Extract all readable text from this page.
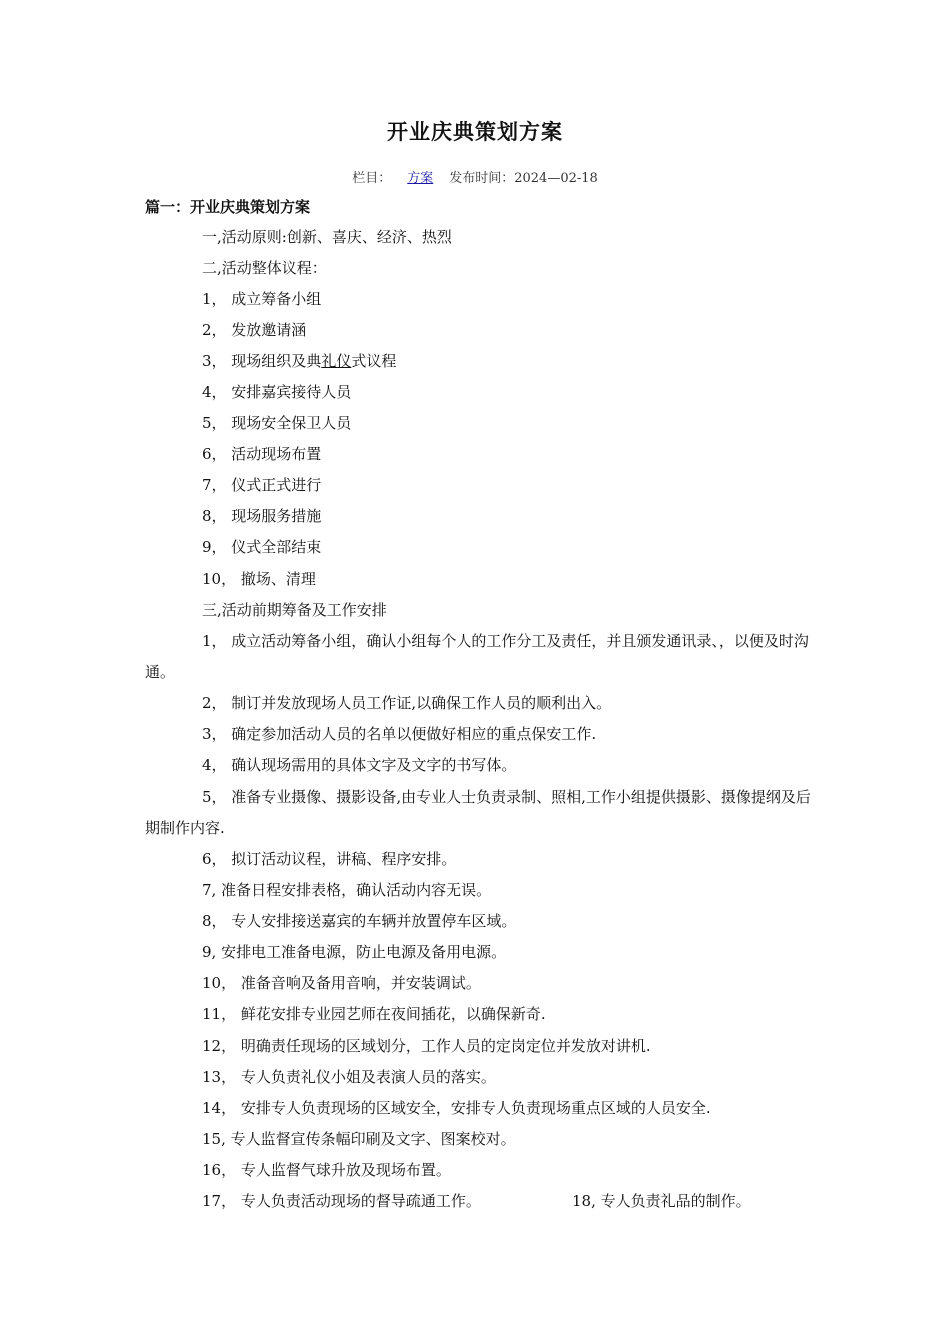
开业庆典策划方案
栏目： 方案 发布时间：2024—02-18
篇一：开业庆典策划方案
一,活动原则:创新、喜庆、经济、热烈
二,活动整体议程：
1， 成立筹备小组
2， 发放邀请涵
3， 现场组织及典礼仪式议程
4， 安排嘉宾接待人员
5， 现场安全保卫人员
6， 活动现场布置
7， 仪式正式进行
8， 现场服务措施
9， 仪式全部结束
10， 撤场、清理
三,活动前期筹备及工作安排
1， 成立活动筹备小组，确认小组每个人的工作分工及责任，并且颁发通讯录、，以便及时沟通。
2， 制订并发放现场人员工作证,以确保工作人员的顺利出入。
3， 确定参加活动人员的名单以便做好相应的重点保安工作.
4， 确认现场需用的具体文字及文字的书写体。
5， 准备专业摄像、摄影设备,由专业人士负责录制、照相,工作小组提供摄影、摄像提纲及后期制作内容.
6， 拟订活动议程，讲稿、程序安排。
7, 准备日程安排表格，确认活动内容无误。
8， 专人安排接送嘉宾的车辆并放置停车区域。
9, 安排电工准备电源，防止电源及备用电源。
10， 准备音响及备用音响，并安装调试。
11， 鲜花安排专业园艺师在夜间插花，以确保新奇.
12， 明确责任现场的区域划分，工作人员的定岗定位并发放对讲机.
13， 专人负责礼仪小姐及表演人员的落实。
14， 安排专人负责现场的区域安全，安排专人负责现场重点区域的人员安全.
15, 专人监督宣传条幅印刷及文字、图案校对。
16， 专人监督气球升放及现场布置。
17， 专人负责活动现场的督导疏通工作。	18, 专人负责礼品的制作。
